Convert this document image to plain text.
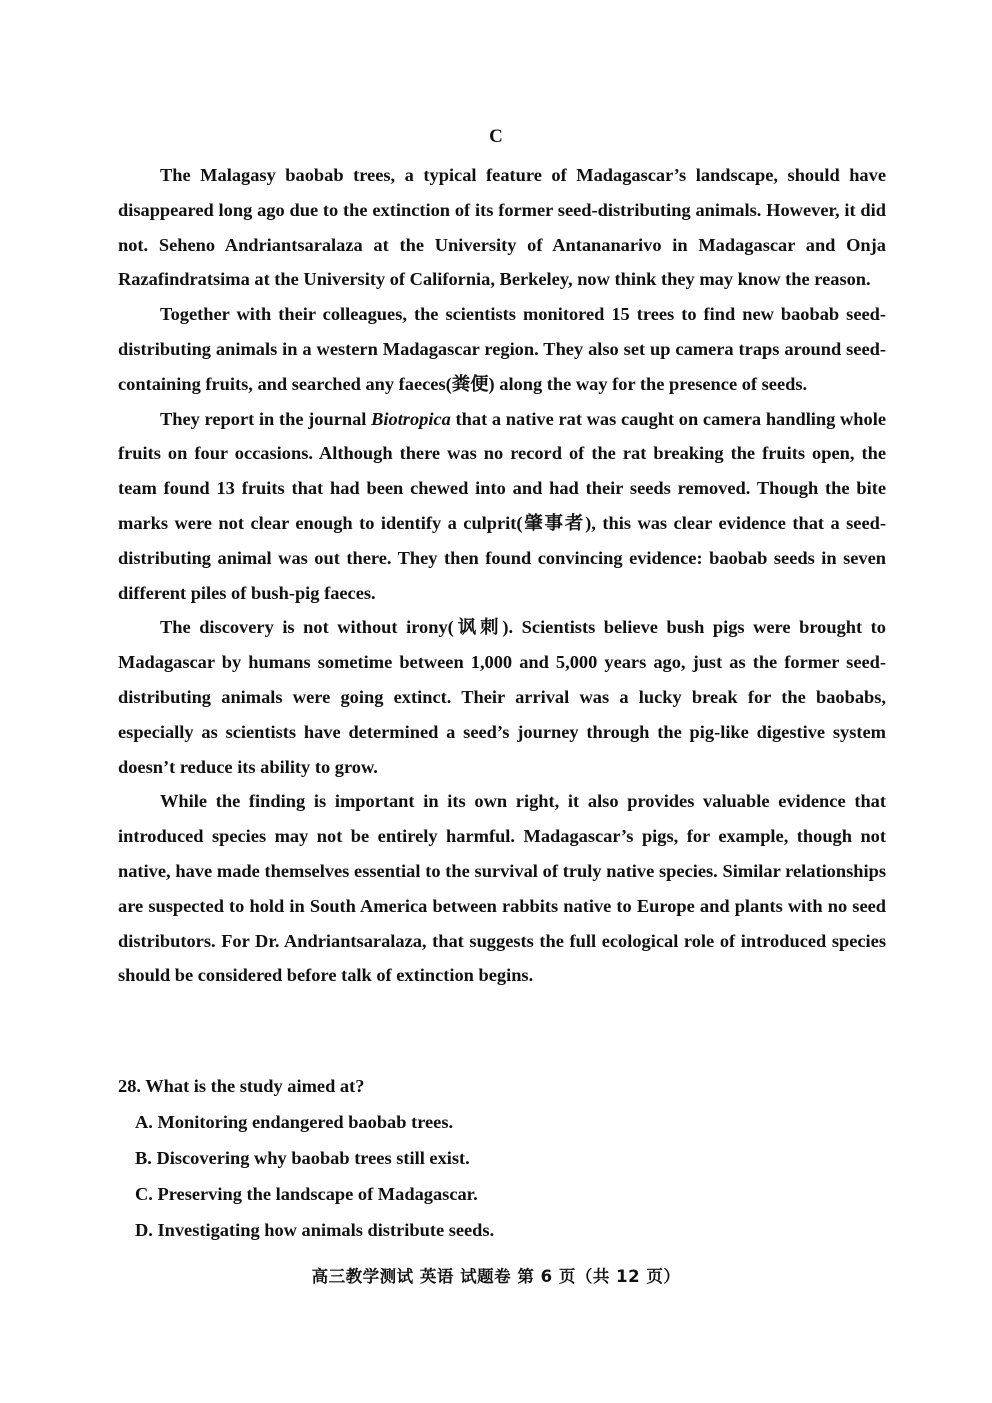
C

The Malagasy baobab trees, a typical feature of Madagascar’s landscape, should have disappeared long ago due to the extinction of its former seed-distributing animals. However, it did not. Seheno Andriantsaralaza at the University of Antananarivo in Madagascar and Onja Razafindratsima at the University of California, Berkeley, now think they may know the reason.

Together with their colleagues, the scientists monitored 15 trees to find new baobab seed-distributing animals in a western Madagascar region. They also set up camera traps around seed-containing fruits, and searched any faeces(粪便) along the way for the presence of seeds.

They report in the journal Biotropica that a native rat was caught on camera handling whole fruits on four occasions. Although there was no record of the rat breaking the fruits open, the team found 13 fruits that had been chewed into and had their seeds removed. Though the bite marks were not clear enough to identify a culprit(肇事者), this was clear evidence that a seed-distributing animal was out there. They then found convincing evidence: baobab seeds in seven different piles of bush-pig faeces.

The discovery is not without irony(讽刺). Scientists believe bush pigs were brought to Madagascar by humans sometime between 1,000 and 5,000 years ago, just as the former seed-distributing animals were going extinct. Their arrival was a lucky break for the baobabs, especially as scientists have determined a seed’s journey through the pig-like digestive system doesn’t reduce its ability to grow.

While the finding is important in its own right, it also provides valuable evidence that introduced species may not be entirely harmful. Madagascar’s pigs, for example, though not native, have made themselves essential to the survival of truly native species. Similar relationships are suspected to hold in South America between rabbits native to Europe and plants with no seed distributors. For Dr. Andriantsaralaza, that suggests the full ecological role of introduced species should be considered before talk of extinction begins.

28. What is the study aimed at?
A. Monitoring endangered baobab trees.
B. Discovering why baobab trees still exist.
C. Preserving the landscape of Madagascar.
D. Investigating how animals distribute seeds.
高三教学测试 英语 试题卷 第 6 页（共 12 页）
